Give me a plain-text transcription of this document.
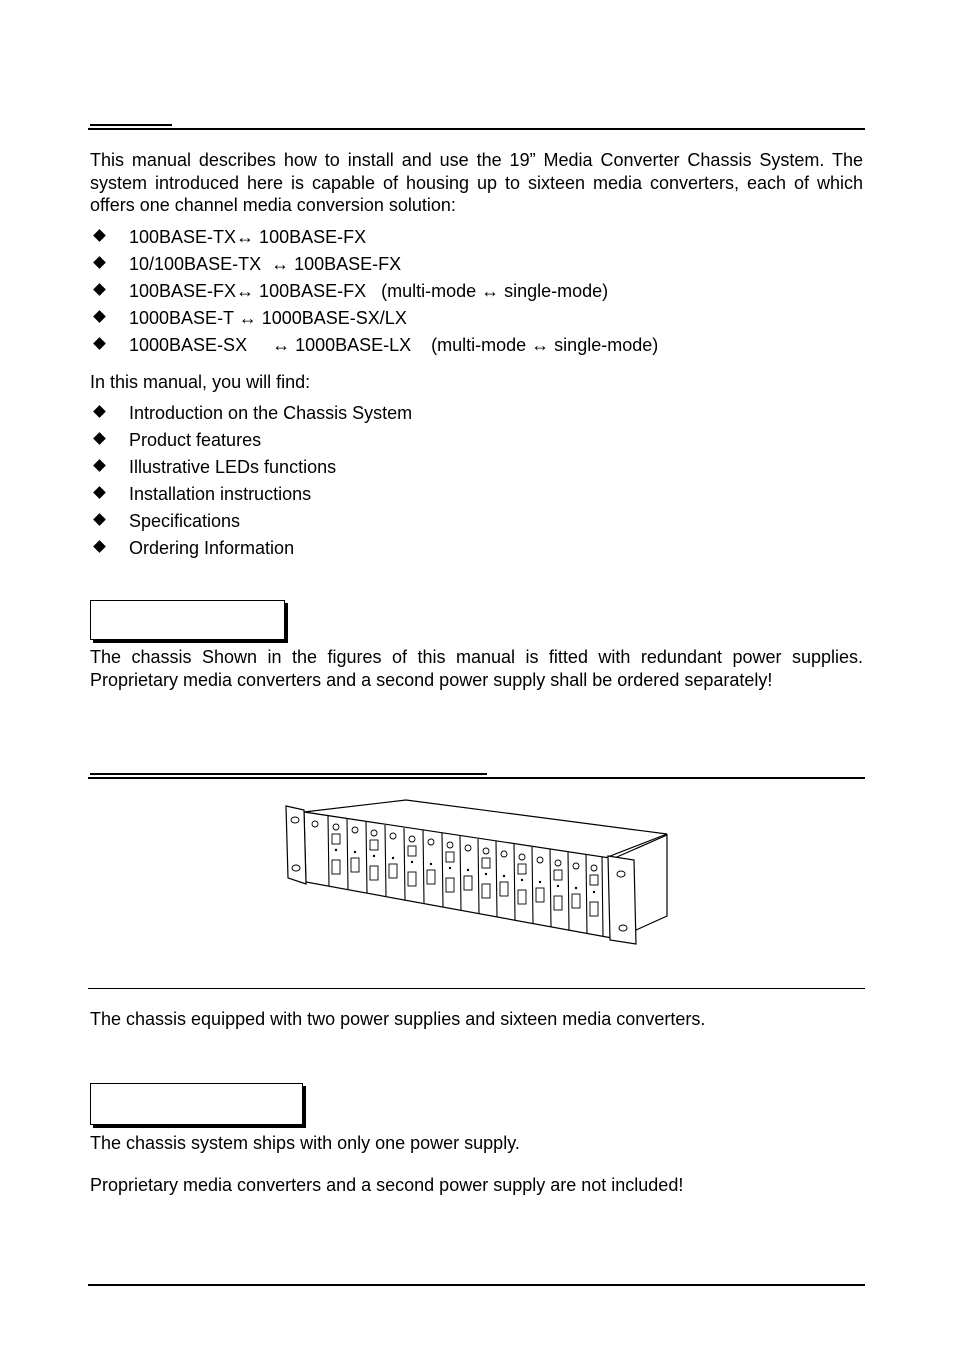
This manual describes how to install and use the 19” Media Converter Chassis System. The system introduced here is capable of housing up to sixteen media converters, each of which offers one channel media conversion solution:

100BASE-TX↔ 100BASE-FX
10/100BASE-TX  ↔ 100BASE-FX
100BASE-FX↔ 100BASE-FX   (multi-mode ↔ single-mode)
1000BASE-T ↔ 1000BASE-SX/LX
1000BASE-SX     ↔ 1000BASE-LX    (multi-mode ↔ single-mode)
In this manual, you will find:
Introduction on the Chassis System
Product features
Illustrative LEDs functions
Installation instructions
Specifications
Ordering Information

The chassis Shown in the figures of this manual is fitted with redundant power supplies. Proprietary media converters and a second power supply shall be ordered separately!

The chassis equipped with two power supplies and sixteen media converters.
The chassis system ships with only one power supply.
Proprietary media converters and a second power supply are not included!
